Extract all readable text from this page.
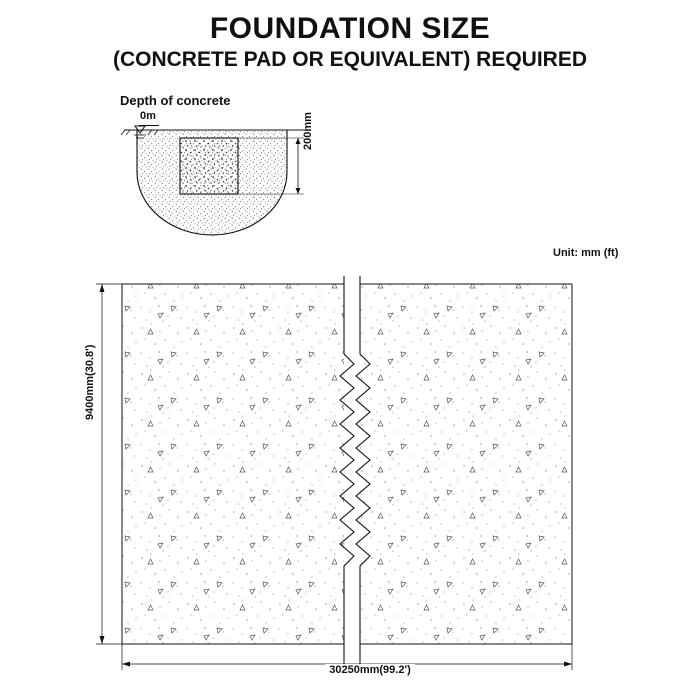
FOUNDATION SIZE
(CONCRETE PAD OR EQUIVALENT) REQUIRED
Depth of concrete
0m	200mm
Unit: mm (ft)
9400mm(30.8')
30250mm(99.2')
